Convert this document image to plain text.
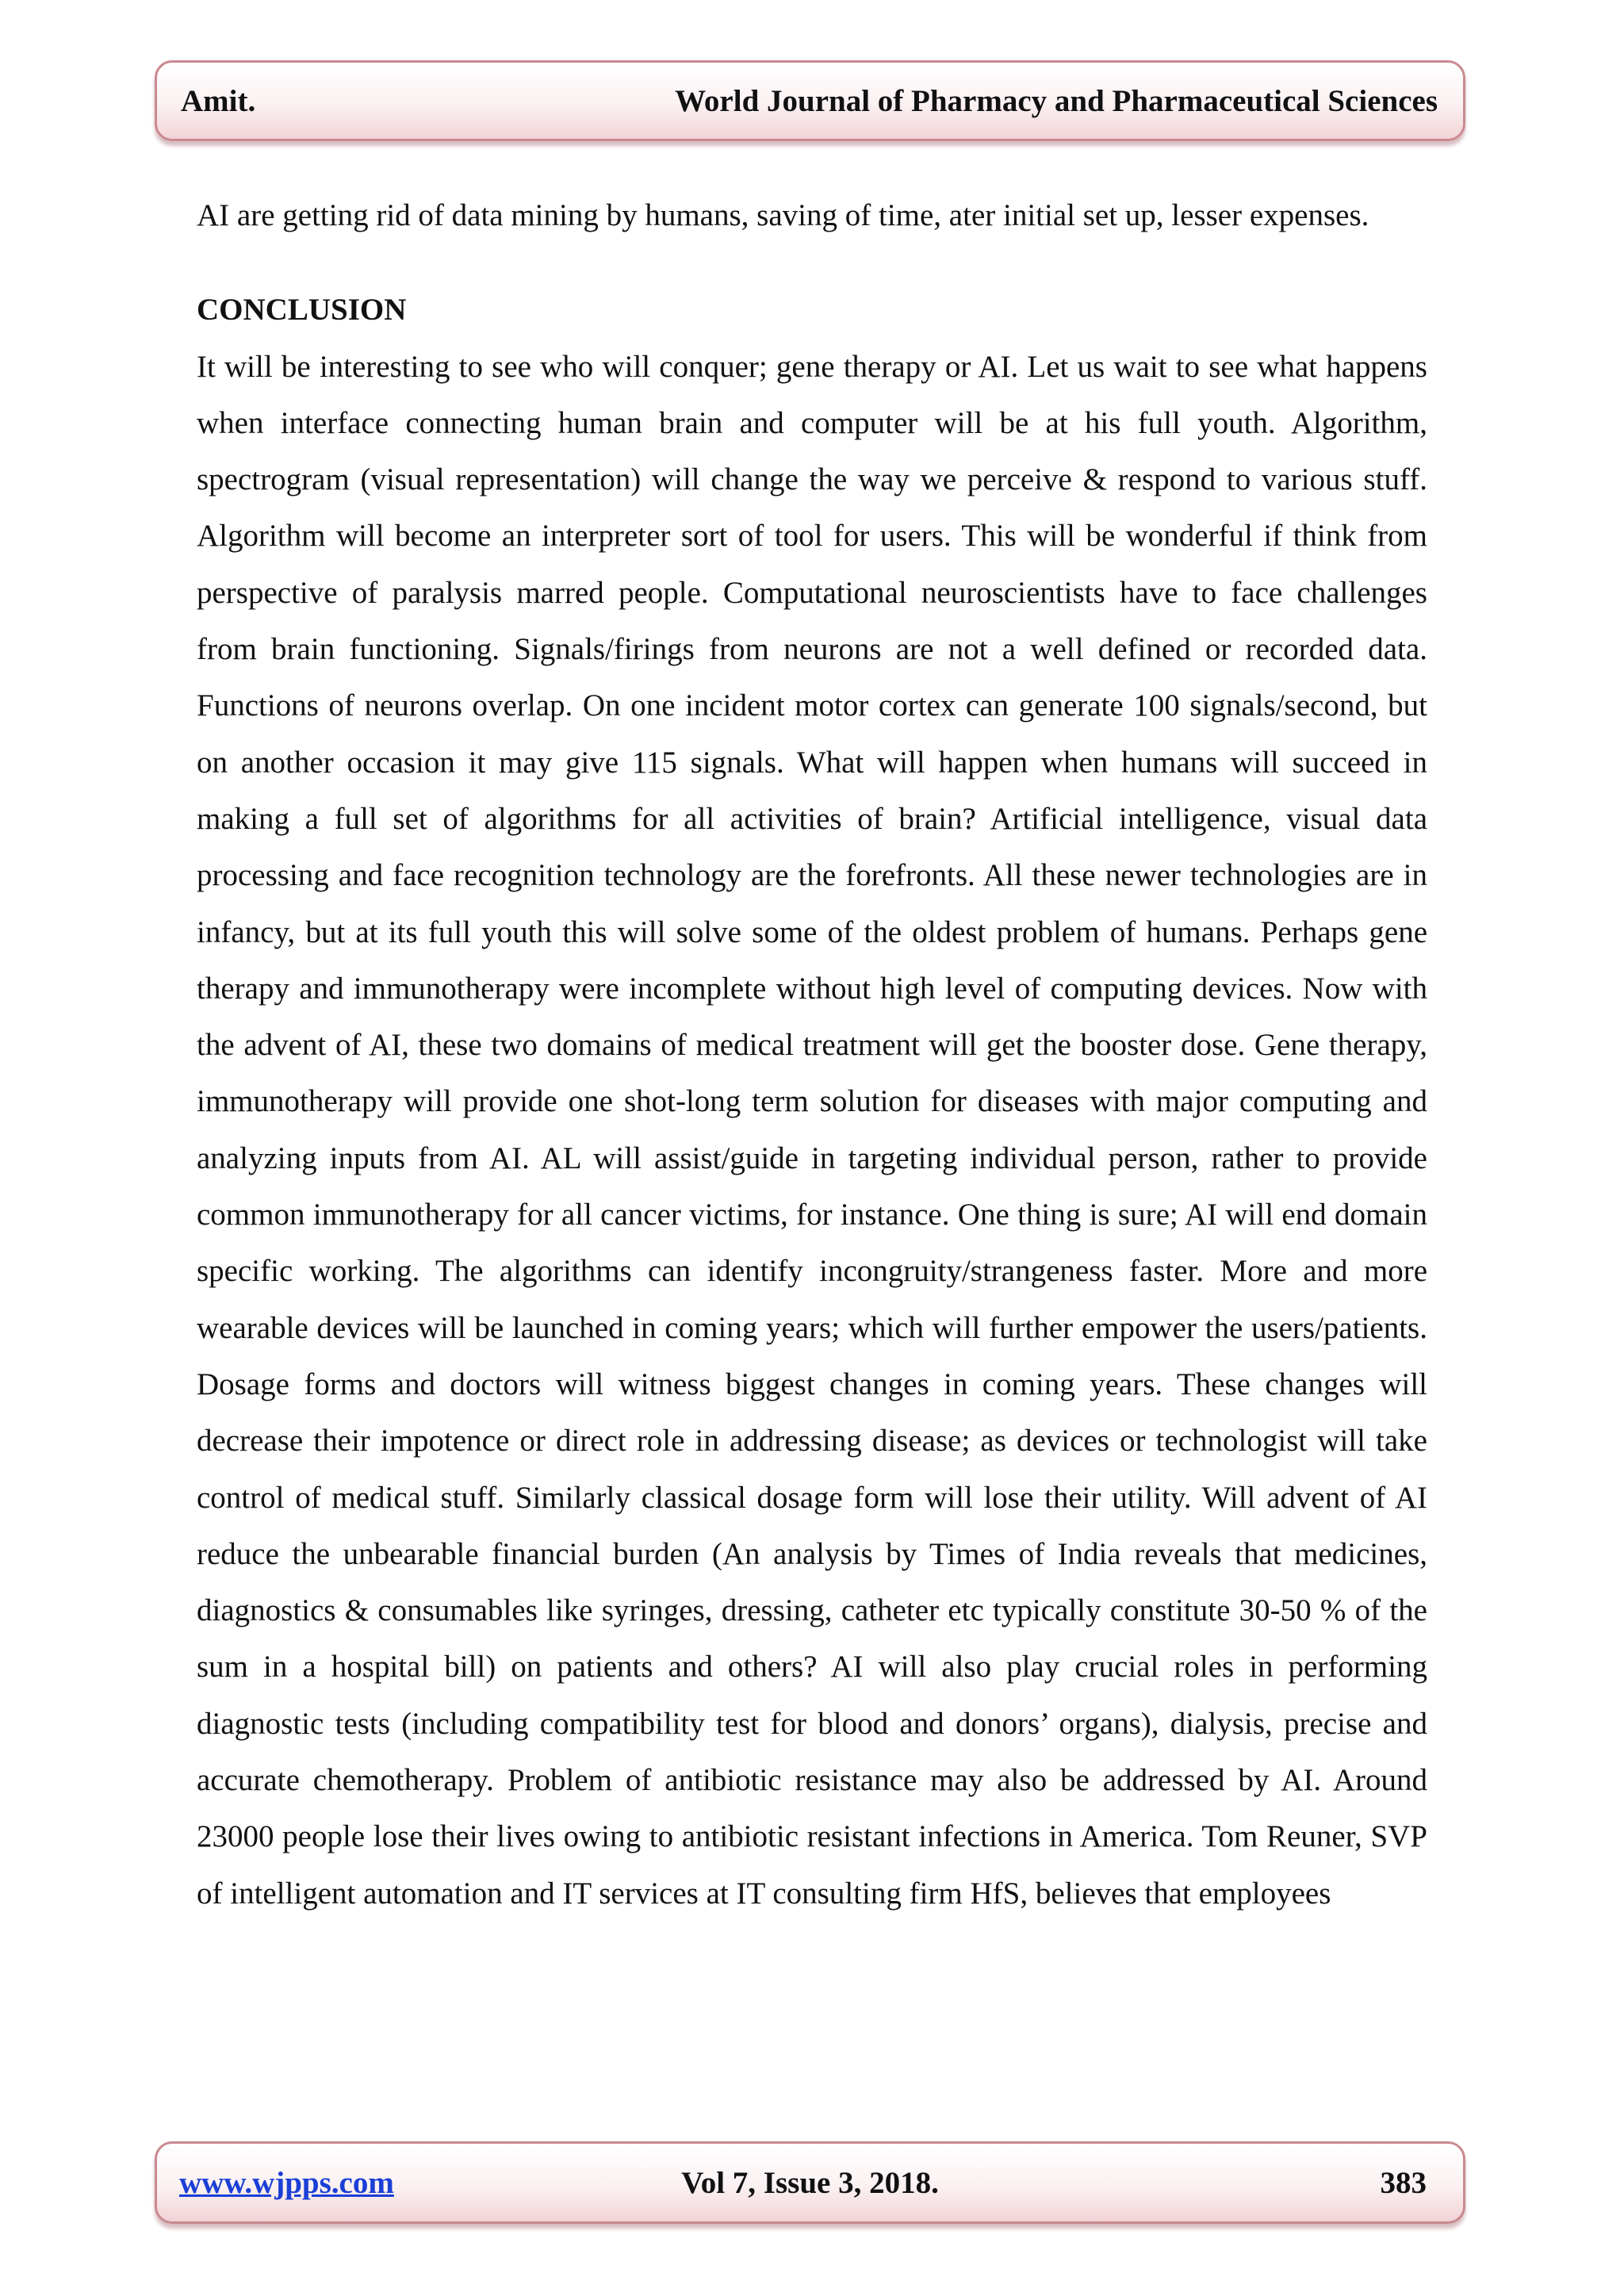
Amit.	World Journal of Pharmacy and Pharmaceutical Sciences

AI are getting rid of data mining by humans, saving of time, ater initial set up, lesser expenses.

CONCLUSION

It will be interesting to see who will conquer; gene therapy or AI. Let us wait to see what happens when interface connecting human brain and computer will be at his full youth. Algorithm, spectrogram (visual representation) will change the way we perceive & respond to various stuff. Algorithm will become an interpreter sort of tool for users. This will be wonderful if think from perspective of paralysis marred people. Computational neuroscientists have to face challenges from brain functioning. Signals/firings from neurons are not a well defined or recorded data. Functions of neurons overlap. On one incident motor cortex can generate 100 signals/second, but on another occasion it may give 115 signals. What will happen when humans will succeed in making a full set of algorithms for all activities of brain? Artificial intelligence, visual data processing and face recognition technology are the forefronts. All these newer technologies are in infancy, but at its full youth this will solve some of the oldest problem of humans. Perhaps gene therapy and immunotherapy were incomplete without high level of computing devices. Now with the advent of AI, these two domains of medical treatment will get the booster dose. Gene therapy, immunotherapy will provide one shot-long term solution for diseases with major computing and analyzing inputs from AI. AL will assist/guide in targeting individual person, rather to provide common immunotherapy for all cancer victims, for instance. One thing is sure; AI will end domain specific working. The algorithms can identify incongruity/strangeness faster. More and more wearable devices will be launched in coming years; which will further empower the users/patients. Dosage forms and doctors will witness biggest changes in coming years. These changes will decrease their impotence or direct role in addressing disease; as devices or technologist will take control of medical stuff. Similarly classical dosage form will lose their utility. Will advent of AI reduce the unbearable financial burden (An analysis by Times of India reveals that medicines, diagnostics & consumables like syringes, dressing, catheter etc typically constitute 30-50 % of the sum in a hospital bill) on patients and others? AI will also play crucial roles in performing diagnostic tests (including compatibility test for blood and donors’ organs), dialysis, precise and accurate chemotherapy. Problem of antibiotic resistance may also be addressed by AI. Around 23000 people lose their lives owing to antibiotic resistant infections in America. Tom Reuner, SVP of intelligent automation and IT services at IT consulting firm HfS, believes that employees

www.wjpps.com	Vol 7, Issue 3, 2018.	383
